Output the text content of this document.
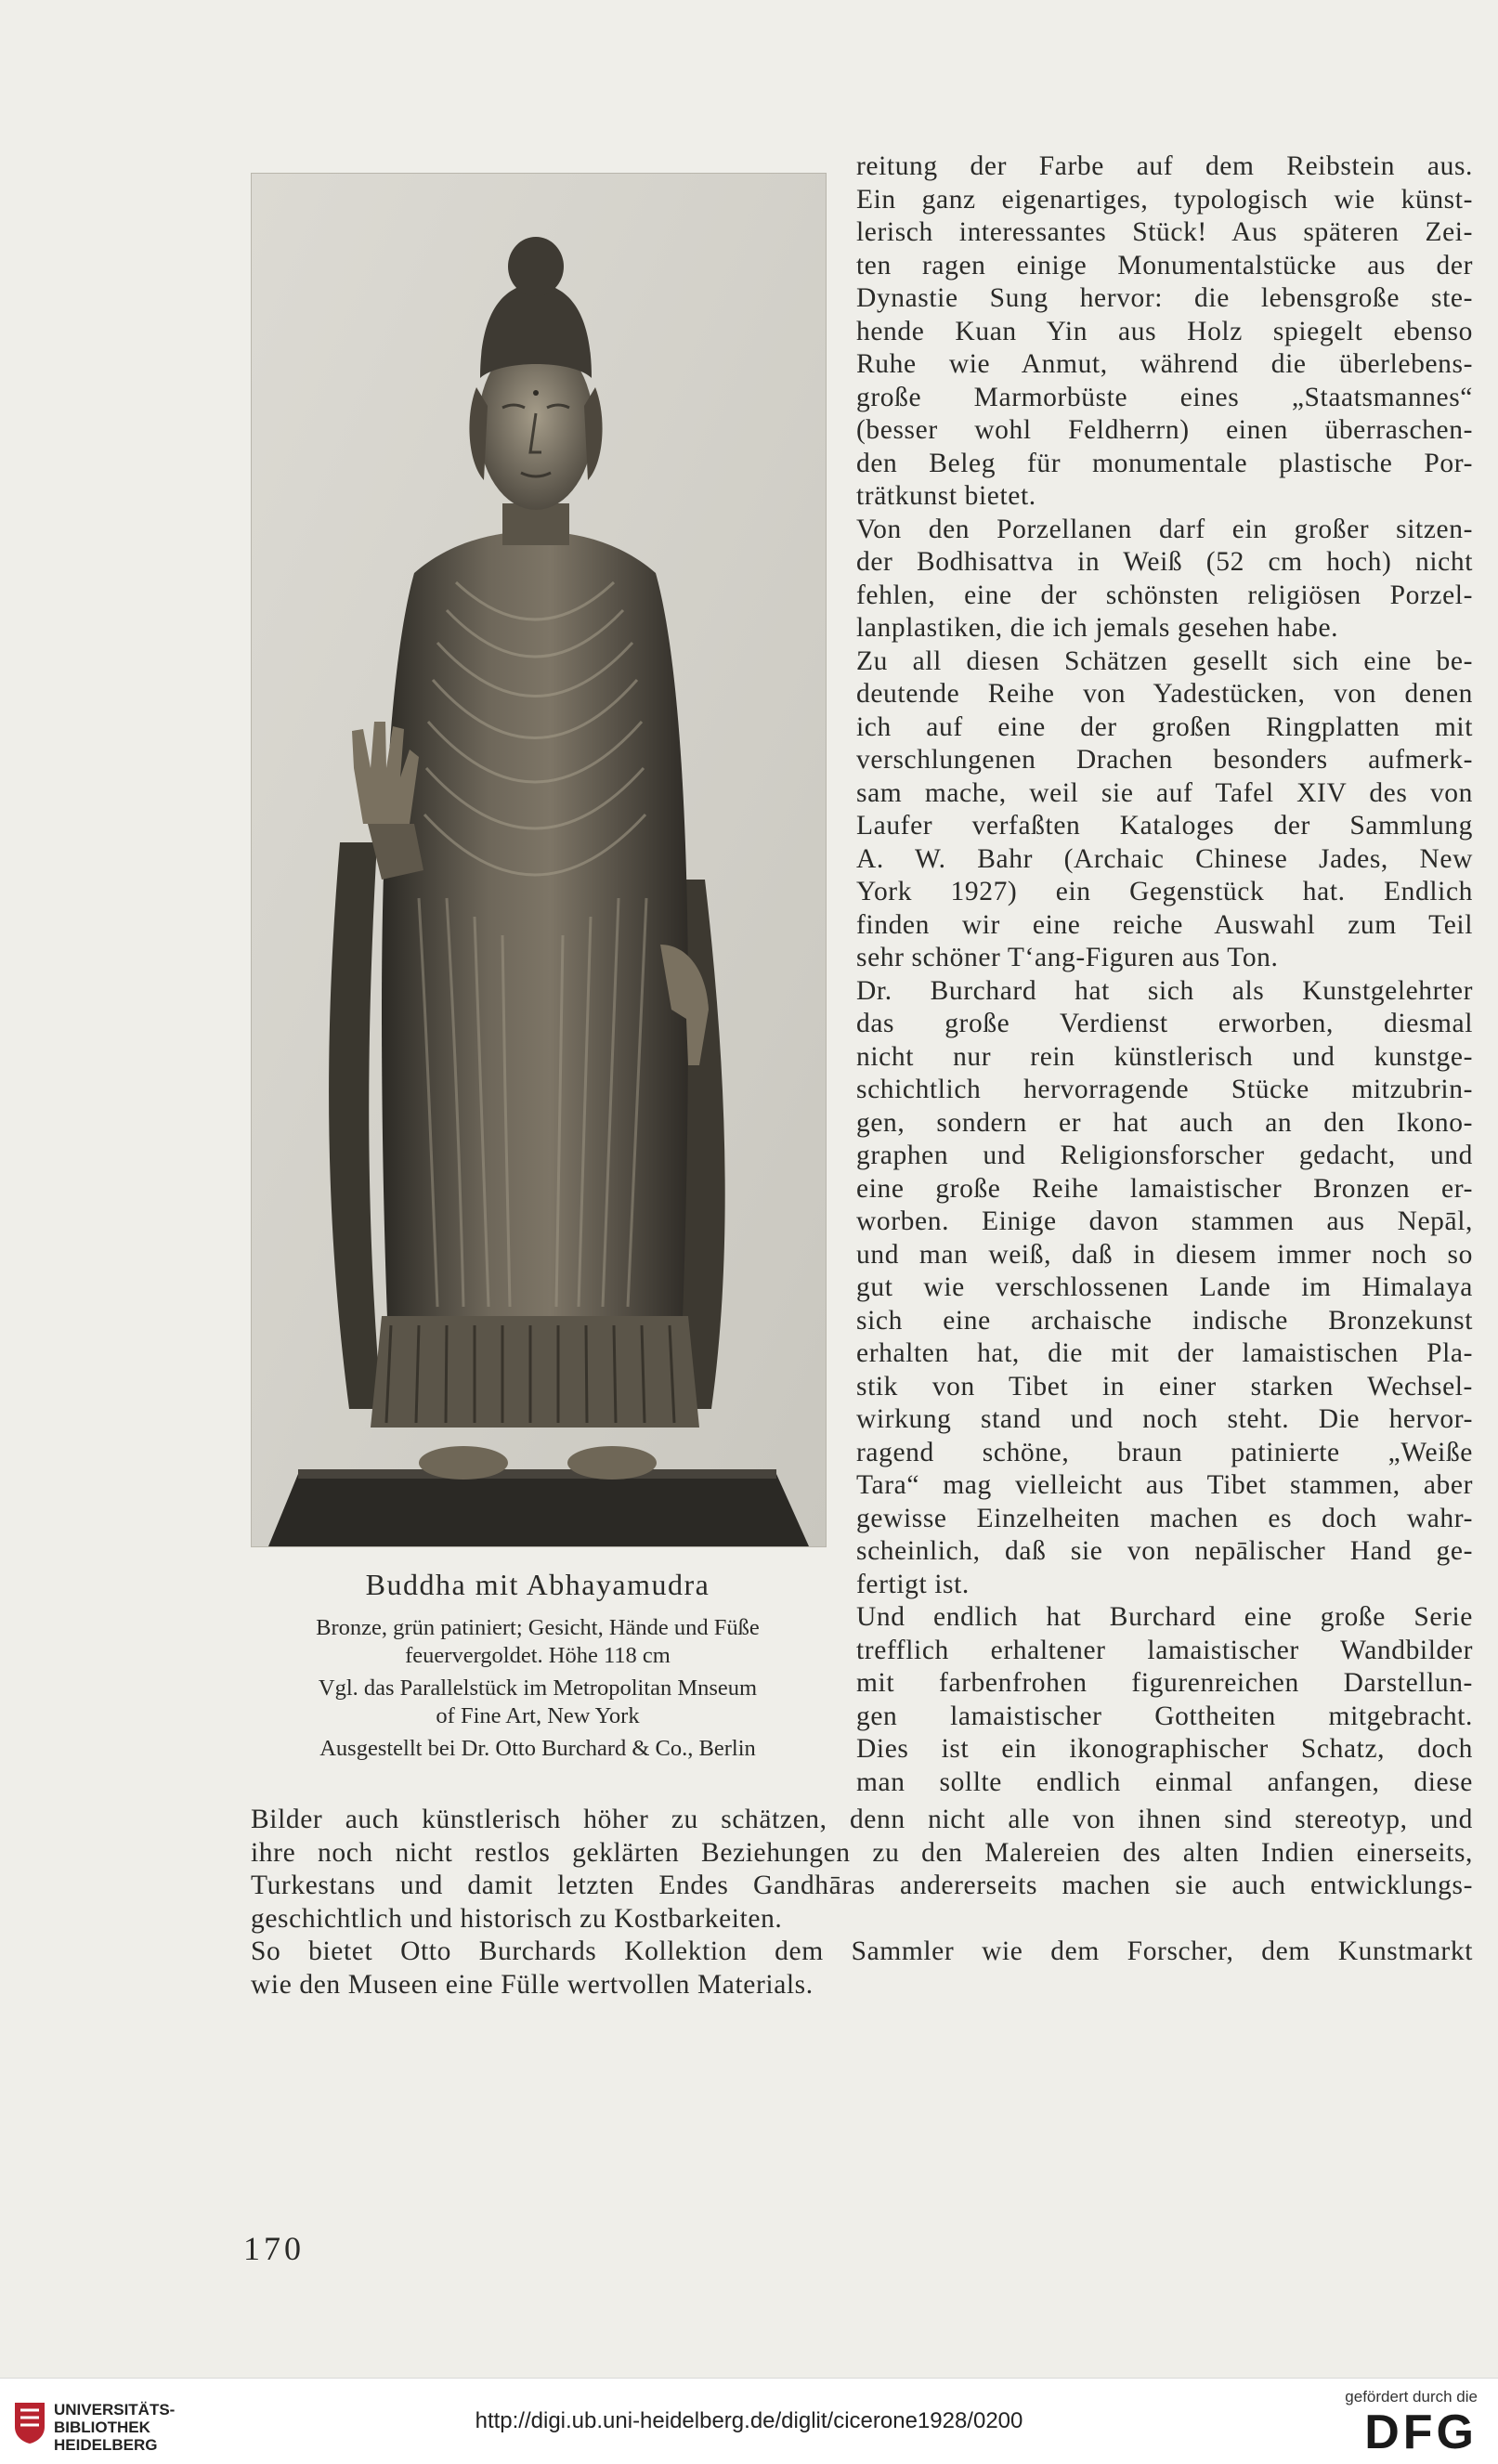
Buddha mit Abhayamudra
Bronze, grün patiniert; Gesicht, Hände und Füße
feuervergoldet. Höhe 118 cm
Vgl. das Parallelstück im Metropolitan Mnseum
of Fine Art, New York
Ausgestellt bei Dr. Otto Burchard & Co., Berlin
reitung der Farbe auf dem Reibstein aus.
Ein ganz eigenartiges, typologisch wie künst-
lerisch interessantes Stück! Aus späteren Zei-
ten ragen einige Monumentalstücke aus der
Dynastie Sung hervor: die lebensgroße ste-
hende Kuan Yin aus Holz spiegelt ebenso
Ruhe wie Anmut, während die überlebens-
große Marmorbüste eines „Staatsmannes“
(besser wohl Feldherrn) einen überraschen-
den Beleg für monumentale plastische Por-
trätkunst bietet.
Von den Porzellanen darf ein großer sitzen-
der Bodhisattva in Weiß (52 cm hoch) nicht
fehlen, eine der schönsten religiösen Porzel-
lanplastiken, die ich jemals gesehen habe.
Zu all diesen Schätzen gesellt sich eine be-
deutende Reihe von Yadestücken, von denen
ich auf eine der großen Ringplatten mit
verschlungenen Drachen besonders aufmerk-
sam mache, weil sie auf Tafel XIV des von
Laufer verfaßten Kataloges der Sammlung
A. W. Bahr (Archaic Chinese Jades, New
York 1927) ein Gegenstück hat. Endlich
finden wir eine reiche Auswahl zum Teil
sehr schöner T‘ang-Figuren aus Ton.
Dr. Burchard hat sich als Kunstgelehrter
das große Verdienst erworben, diesmal
nicht nur rein künstlerisch und kunstge-
schichtlich hervorragende Stücke mitzubrin-
gen, sondern er hat auch an den Ikono-
graphen und Religionsforscher gedacht, und
eine große Reihe lamaistischer Bronzen er-
worben. Einige davon stammen aus Nepāl,
und man weiß, daß in diesem immer noch so
gut wie verschlossenen Lande im Himalaya
sich eine archaische indische Bronzekunst
erhalten hat, die mit der lamaistischen Pla-
stik von Tibet in einer starken Wechsel-
wirkung stand und noch steht. Die hervor-
ragend schöne, braun patinierte „Weiße
Tara“ mag vielleicht aus Tibet stammen, aber
gewisse Einzelheiten machen es doch wahr-
scheinlich, daß sie von nepālischer Hand ge-
fertigt ist.
Und endlich hat Burchard eine große Serie
trefflich erhaltener lamaistischer Wandbilder
mit farbenfrohen figurenreichen Darstellun-
gen lamaistischer Gottheiten mitgebracht.
Dies ist ein ikonographischer Schatz, doch
man sollte endlich einmal anfangen, diese
Bilder auch künstlerisch höher zu schätzen, denn nicht alle von ihnen sind stereotyp, und
ihre noch nicht restlos geklärten Beziehungen zu den Malereien des alten Indien einerseits,
Turkestans und damit letzten Endes Gandhāras andererseits machen sie auch entwicklungs-
geschichtlich und historisch zu Kostbarkeiten.
So bietet Otto Burchards Kollektion dem Sammler wie dem Forscher, dem Kunstmarkt
wie den Museen eine Fülle wertvollen Materials.
170
UNIVERSITÄTS-
BIBLIOTHEK
HEIDELBERG
http://digi.ub.uni-heidelberg.de/diglit/cicerone1928/0200
gefördert durch die
DFG
